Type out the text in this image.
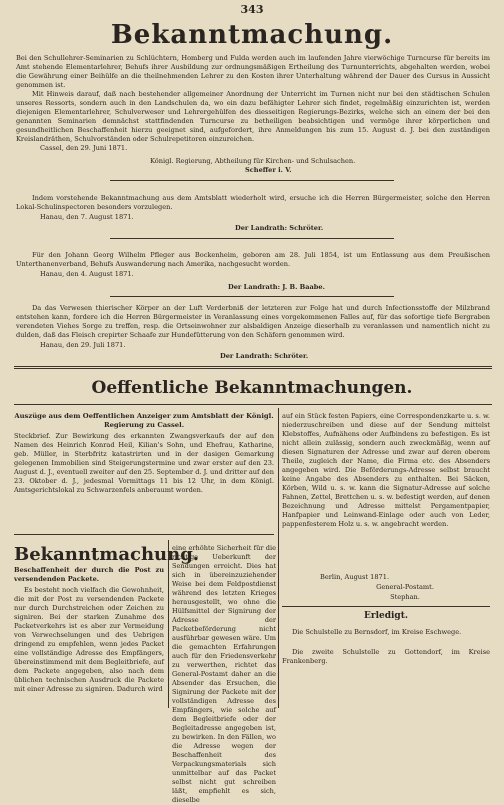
343
Bekanntmachung.

Bei den Schullehrer-Seminarien zu Schlüchtern, Homberg und Fulda werden auch im laufenden Jahre vierwöchige Turncurse für bereits im Amt stehende Elementarlehrer, Behufs ihrer Ausbildung zur ordnungsmäßigen Ertheilung des Turnunterrichts, abgehalten werden, wobei die Gewährung einer Beihülfe an die theilnehmenden Lehrer zu den Kosten ihrer Unterhaltung während der Dauer des Cursus in Aussicht genommen ist.

Mit Hinweis darauf, daß nach bestehender allgemeiner Anordnung der Unterricht im Turnen nicht nur bei den städtischen Schulen unseres Ressorts, sondern auch in den Landschulen da, wo ein dazu befähigter Lehrer sich findet, regelmäßig einzurichten ist, werden diejenigen Elementarlehrer, Schulverweser und Lehrergehülfen des diesseitigen Regierungs-Bezirks, welche sich an einem der bei den genannten Seminarien demnächst stattfindenden Turncurse zu betheiligen beabsichtigen und vermöge ihrer körperlichen und gesundheitlichen Beschaffenheit hierzu geeignet sind, aufgefordert, ihre Anmeldungen bis zum 15. August d. J. bei den zuständigen Kreislandräthen, Schulvorständen oder Schulrepetitoren einzureichen.

Cassel, den 29. Juni 1871.
Königl. Regierung, Abtheilung für Kirchen- und Schulsachen.
Scheffer i. V.

Indem vorstehende Bekanntmachung aus dem Amtsblatt wiederholt wird, ersuche ich die Herren Bürgermeister, solche den Herren Lokal-Schulinspectoren besonders vorzulegen.

Hanau, den 7. August 1871.
Der Landrath: Schröter.

Für den Johann Georg Wilhelm Pfleger aus Bockenheim, geboren am 28. Juli 1854, ist um Entlassung aus dem Preußischen Unterthanenverband, Behufs Auswanderung nach Amerika, nachgesucht worden.

Hanau, den 4. August 1871.
Der Landrath: J. B. Baabe.

Da das Verwesen thierischer Körper an der Luft Verderbniß der letzteren zur Folge hat und durch Infectionsstoffe der Milzbrand entstehen kann, fordere ich die Herren Bürgermeister in Veranlassung eines vorgekommenen Falles auf, für das sofortige tiefe Bergraben verendeten Viehes Sorge zu treffen, resp. die Ortseinwohner zur alsbaldigen Anzeige dieserhalb zu veranlassen und namentlich nicht zu dulden, daß das Fleisch crepirter Schaafe zur Hundefütterung von den Schäfern genommen wird.

Hanau, den 29. Juli 1871.
Der Landrath: Schröter.
Oeffentliche Bekanntmachungen.
Auszüge aus dem Oeffentlichen Anzeiger zum Amtsblatt der Königl. Regierung zu Cassel.

Steckbrief. Zur Bewirkung des erkannten Zwangsverkaufs der auf den Namen des Heinrich Konrad Heil, Kilian's Sohn, und Ehefrau, Katharine, geb. Müller, in Sterbfritz katastrirten und in der dasigen Gemarkung gelegenen Immobilien sind Steigerungstermine und zwar erster auf den 23. August d. J., eventuell zweiter auf den 25. September d. J. und dritter auf den 23. Oktober d. J., jedesmal Vormittags 11 bis 12 Uhr, in dem Königl. Amtsgerichtslokal zu Schwarzenfels anberaumt worden.

auf ein Stück festen Papiers, eine Correspondenzkarte u. s. w. niederzuschreiben und diese auf der Sendung mittelst Klebstoffes, Aufnähens oder Aufbindens zu befestigen. Es ist nicht allein zulässig, sondern auch zweckmäßig, wenn auf diesen Signaturen der Adresse und zwar auf deren oberem Theile, zugleich der Name, die Firma etc. des Absenders angegeben wird. Die Beförderungs-Adresse selbst braucht keine Angabe des Absenders zu enthalten. Bei Säcken, Körben, Wild u. s. w. kann die Signatur-Adresse auf solche Fahnen, Zettel, Brettchen u. s. w. befestigt werden, auf denen Bezeichnung und Adresse mittelst Pergamentpapier, Hanfpapier und Leinwand-Einlage oder auch von Leder, pappenfesterem Holz u. s. w. angebracht werden.

Berlin, August 1871.
General-Postamt.
Stephan.
Bekanntmachung.
Beschaffenheit der durch die Post zu versendenden Packete.

Es besteht noch vielfach die Gewohnheit, die mit der Post zu versendenden Packete nur durch Durchstreichen oder Zeichen zu signiren. Bei der starken Zunahme des Packetverkehrs ist es aber zur Vermeidung von Verwechselungen und des Uebrigen dringend zu empfehlen, wenn jedes Packet eine vollständige Adresse des Empfängers, übereinstimmend mit dem Begleitbriefe, auf dem Packete angegeben, also nach dem üblichen technischen Ausdruck die Packete mit einer Adresse zu signiren. Dadurch wird

eine erhöhte Sicherheit für die richtige Ueberkunft der Sendungen erreicht. Dies hat sich in übereinzuziehender Weise bei dem Feldpostdienst während des letzten Krieges herausgestellt, wo ohne die Hülfsmittel der Signirung der Adresse der Packetbeförderung nicht ausführbar gewesen wäre. Um die gemachten Erfahrungen auch für den Friedensverkehr zu verwerthen, richtet das General-Postamt daher an die Absender das Ersuchen, die Signirung der Packete mit der vollständigen Adresse des Empfängers, wie solche auf dem Begleitbriefe oder der Begleitadresse angegeben ist, zu bewirken. In den Fällen, wo die Adresse wegen der Beschaffenheit des Verpackungsmaterials sich unmittelbar auf das Packet selbst nicht gut schreiben läßt, empfiehlt es sich, dieselbe

Erledigt.

Die Schulstelle zu Bernsdorf, im Kreise Eschwege.

Die zweite Schulstelle zu Gottendorf, im Kreise Frankenberg.
